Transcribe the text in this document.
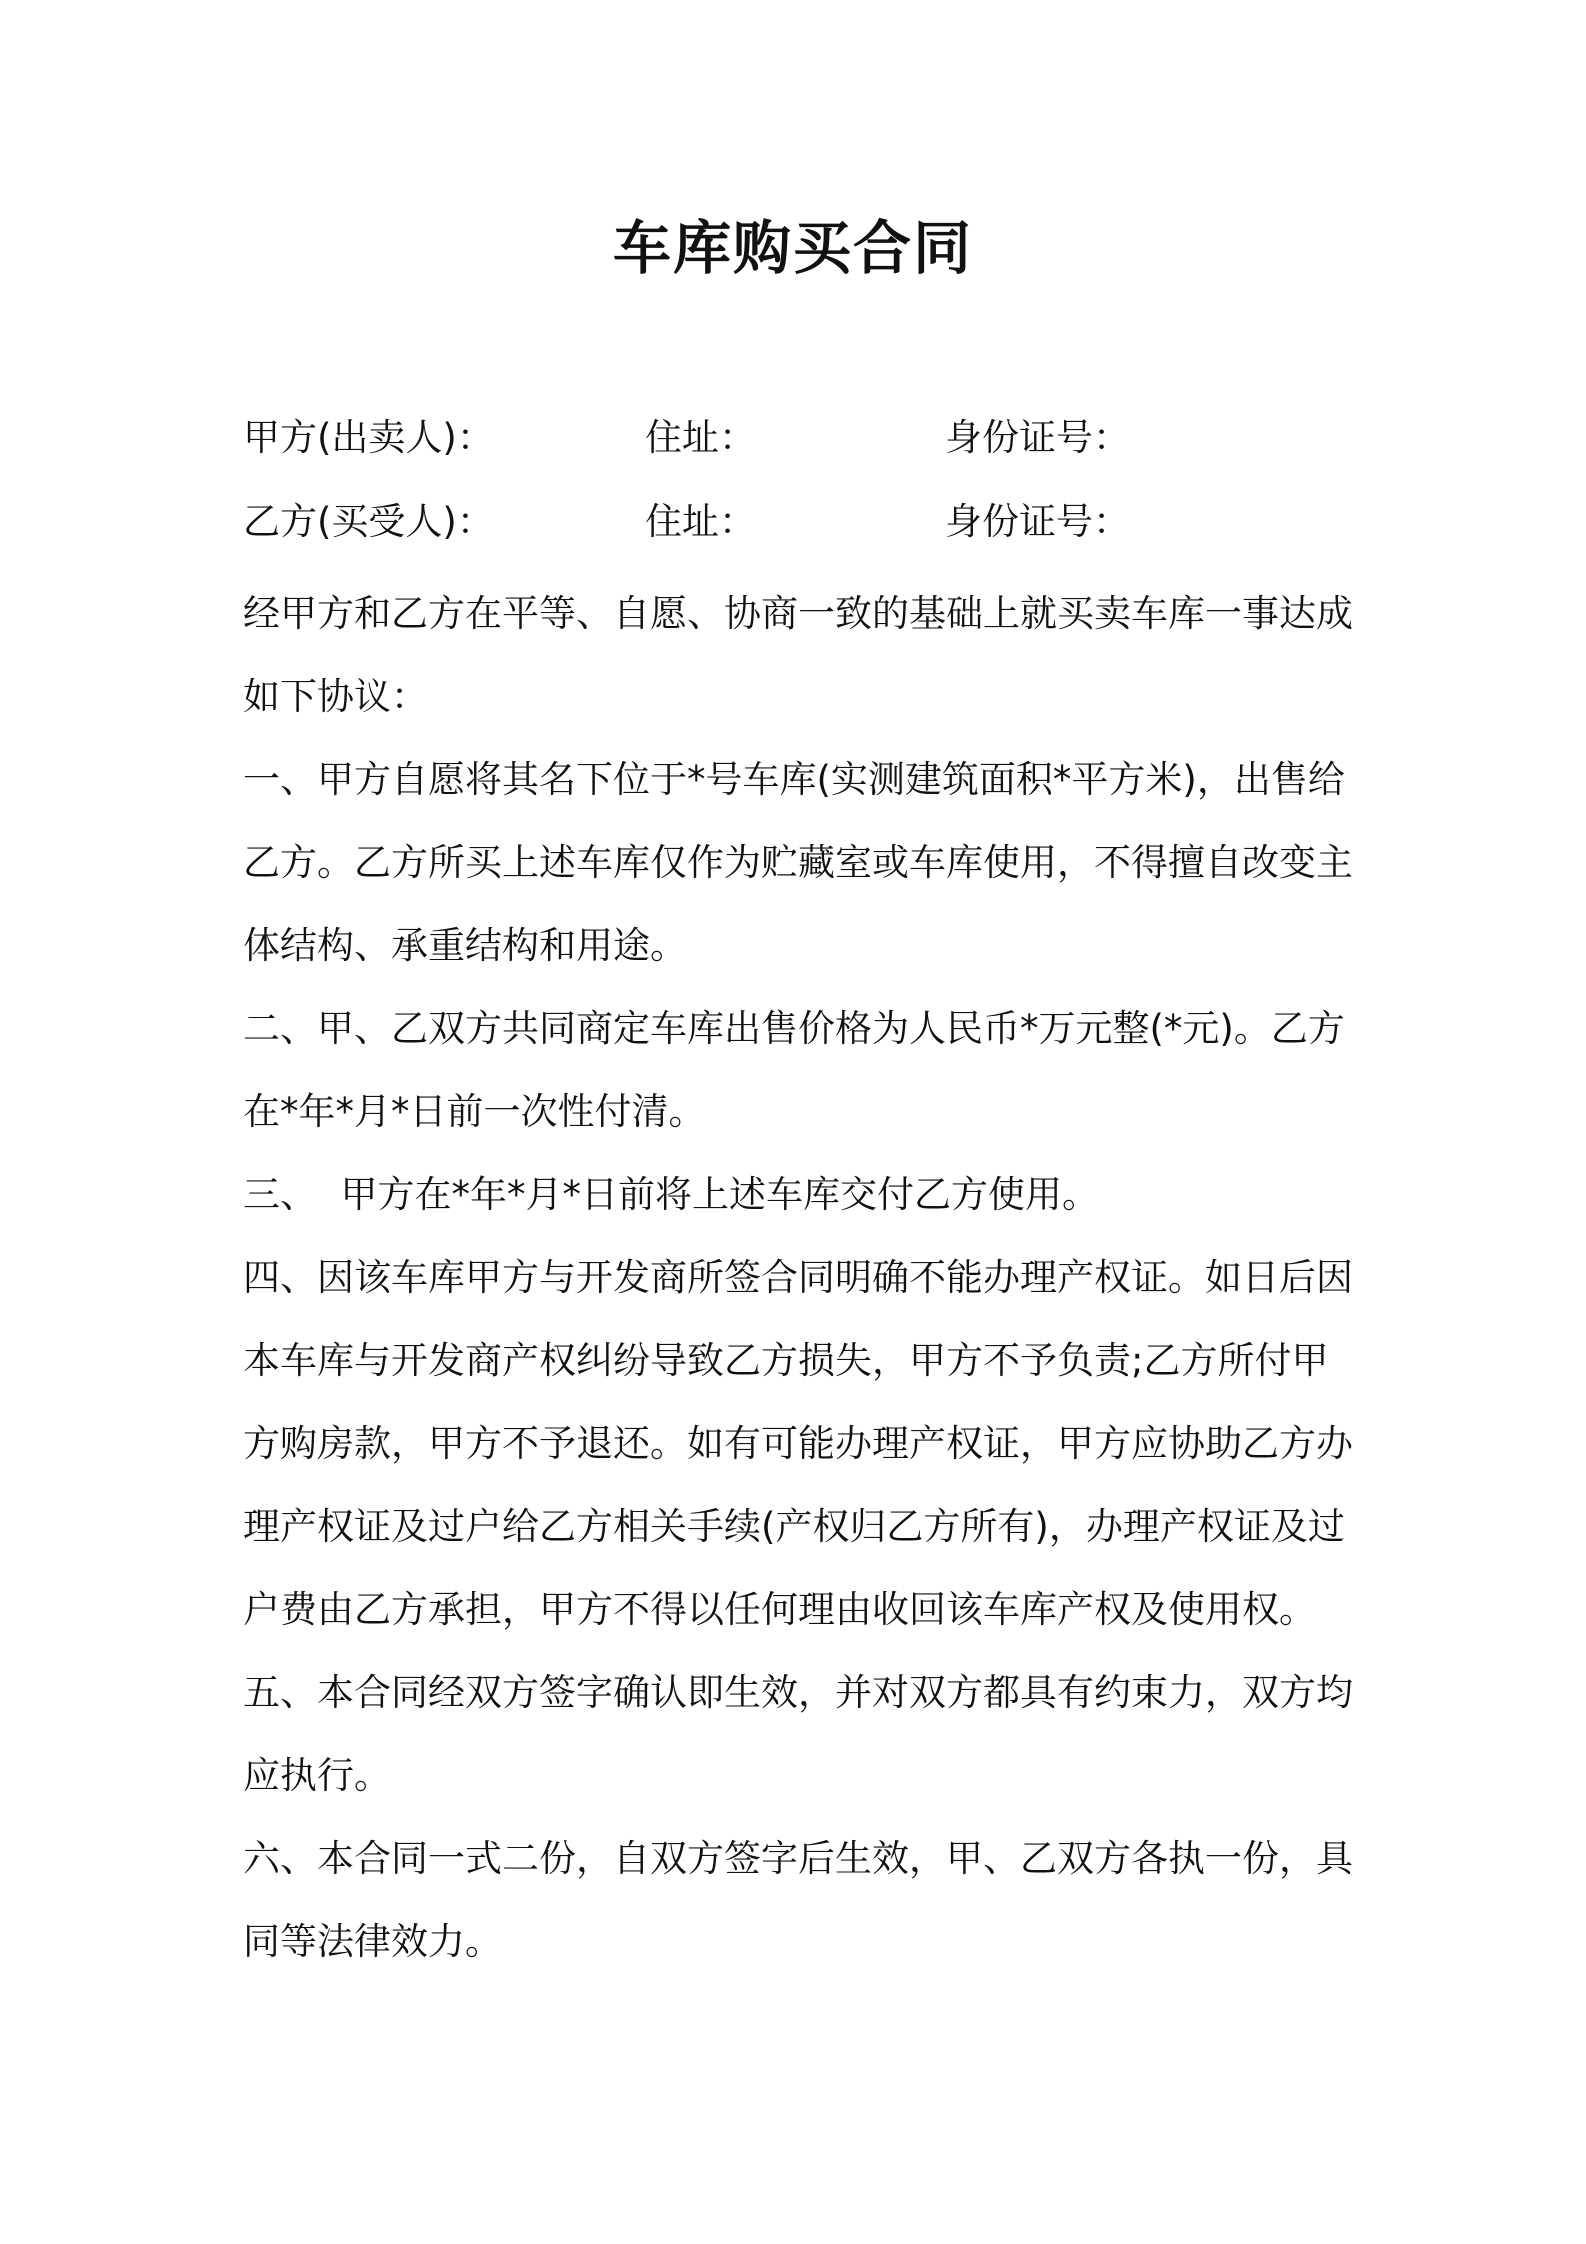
车库购买合同
甲方(出卖人)：	住址：	身份证号：
乙方(买受人)：	住址：	身份证号：

经甲方和乙方在平等、自愿、协商一致的基础上就买卖车库一事达成如下协议：

一、甲方自愿将其名下位于*号车库(实测建筑面积*平方米)，出售给乙方。乙方所买上述车库仅作为贮藏室或车库使用，不得擅自改变主体结构、承重结构和用途。

二、甲、乙双方共同商定车库出售价格为人民币*万元整(*元)。乙方在*年*月*日前一次性付清。

三、  甲方在*年*月*日前将上述车库交付乙方使用。

四、因该车库甲方与开发商所签合同明确不能办理产权证。如日后因本车库与开发商产权纠纷导致乙方损失，甲方不予负责;乙方所付甲方购房款，甲方不予退还。如有可能办理产权证，甲方应协助乙方办理产权证及过户给乙方相关手续(产权归乙方所有)，办理产权证及过户费由乙方承担，甲方不得以任何理由收回该车库产权及使用权。

五、本合同经双方签字确认即生效，并对双方都具有约束力，双方均应执行。

六、本合同一式二份，自双方签字后生效，甲、乙双方各执一份，具同等法律效力。
